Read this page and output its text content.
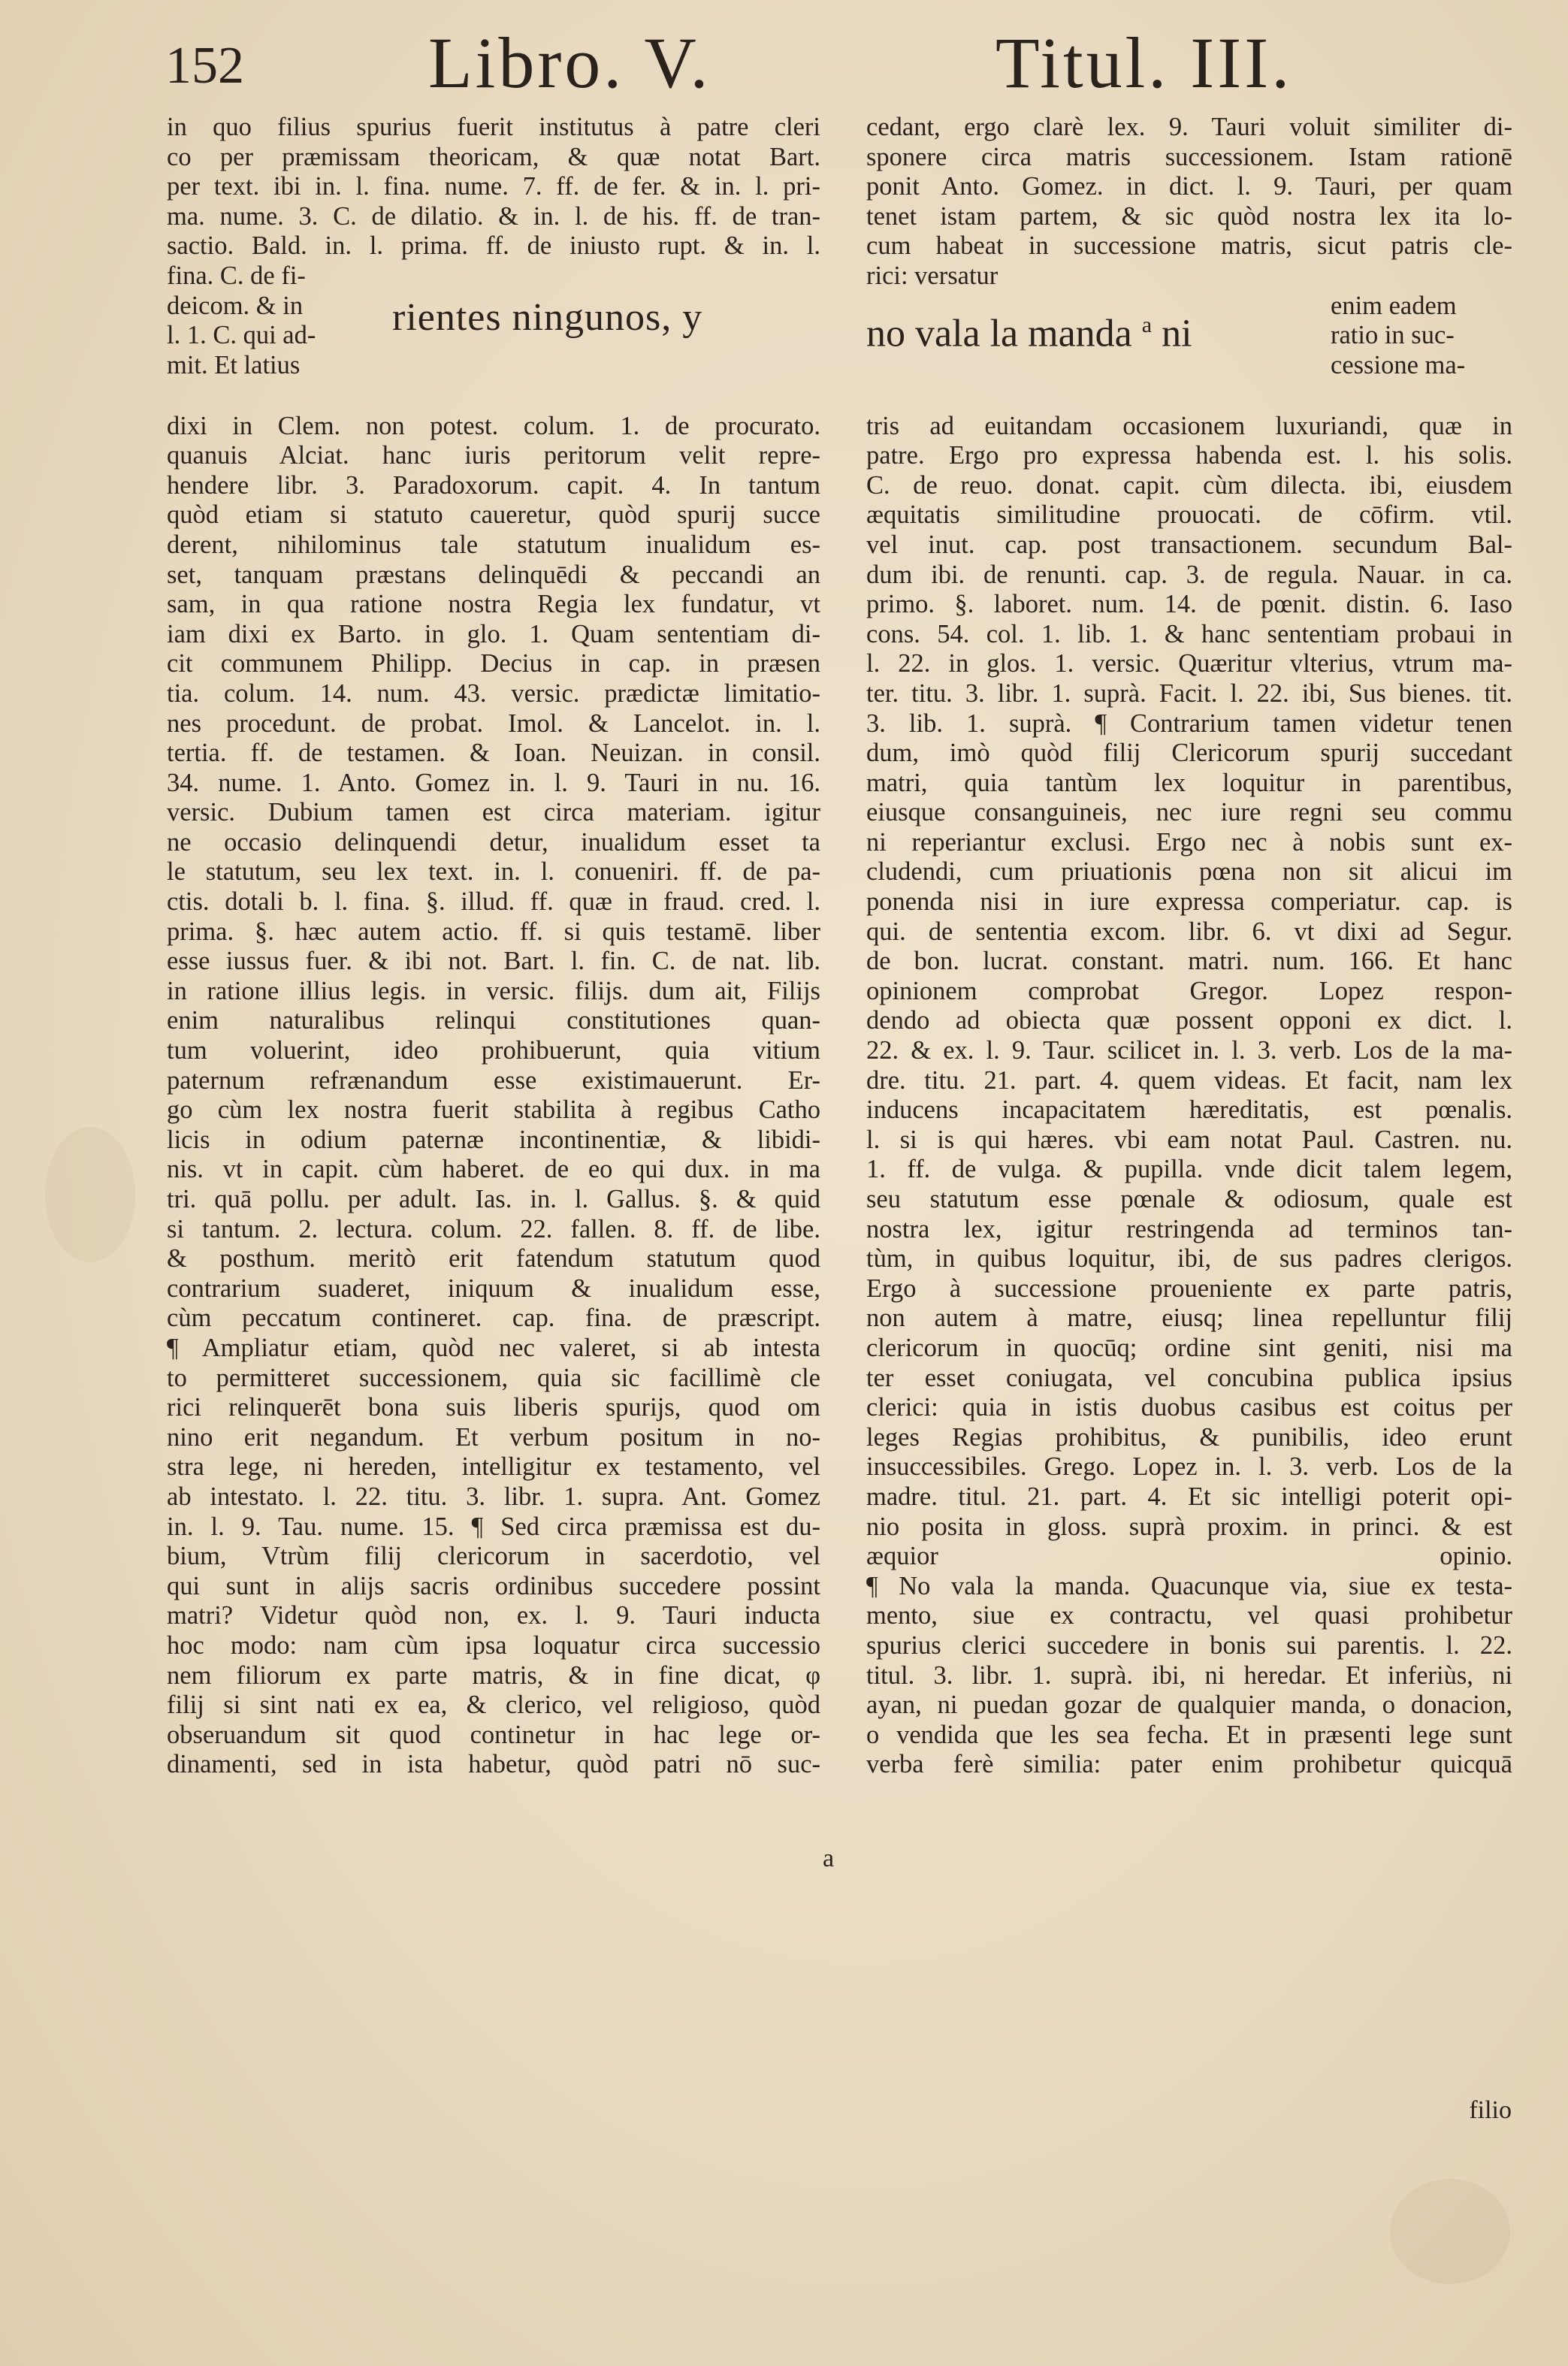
152	Libro. V.	Titul. III.
in quo filius spurius fuerit institutus à patre cleri
co per præmissam theoricam, & quæ notat Bart.
per text. ibi in. l. fina. nume. 7. ff. de fer. & in. l. pri-
ma. nume. 3. C. de dilatio. & in. l. de his. ff. de tran-
sactio. Bald. in. l. prima. ff. de iniusto rupt. & in. l.
fina. C. de fi-
deicom. & in
l. 1. C. qui ad-
mit. Et latius
rientes ningunos, y
dixi in Clem. non potest. colum. 1. de procurato.
quanuis Alciat. hanc iuris peritorum velit repre-
hendere libr. 3. Paradoxorum. capit. 4. In tantum
quòd etiam si statuto caueretur, quòd spurij succe
derent, nihilominus tale statutum inualidum es-
set, tanquam præstans delinquēdi & peccandi an
sam, in qua ratione nostra Regia lex fundatur, vt
iam dixi ex Barto. in glo. 1. Quam sententiam di-
cit communem Philipp. Decius in cap. in præsen
tia. colum. 14. num. 43. versic. prædictæ limitatio-
nes procedunt. de probat. Imol. & Lancelot. in. l.
tertia. ff. de testamen. & Ioan. Neuizan. in consil.
34. nume. 1. Anto. Gomez in. l. 9. Tauri in nu. 16.
versic. Dubium tamen est circa materiam. igitur
ne occasio delinquendi detur, inualidum esset ta
le statutum, seu lex text. in. l. conueniri. ff. de pa-
ctis. dotali b. l. fina. §. illud. ff. quæ in fraud. cred. l.
prima. §. hæc autem actio. ff. si quis testamē. liber
esse iussus fuer. & ibi not. Bart. l. fin. C. de nat. lib.
in ratione illius legis. in versic. filijs. dum ait, Filijs
enim naturalibus relinqui constitutiones quan-
tum voluerint, ideo prohibuerunt, quia vitium
paternum refrænandum esse existimauerunt. Er-
go cùm lex nostra fuerit stabilita à regibus Catho
licis in odium paternæ incontinentiæ, & libidi-
nis. vt in capit. cùm haberet. de eo qui dux. in ma
tri. quā pollu. per adult. Ias. in. l. Gallus. §. & quid
si tantum. 2. lectura. colum. 22. fallen. 8. ff. de libe.
& posthum. meritò erit fatendum statutum quod
contrarium suaderet, iniquum & inualidum esse,
cùm peccatum contineret. cap. fina. de præscript.
¶ Ampliatur etiam, quòd nec valeret, si ab intesta
to permitteret successionem, quia sic facillimè cle
rici relinquerēt bona suis liberis spurijs, quod om
nino erit negandum. Et verbum positum in no-
stra lege, ni hereden, intelligitur ex testamento, vel
ab intestato. l. 22. titu. 3. libr. 1. supra. Ant. Gomez
in. l. 9. Tau. nume. 15. ¶ Sed circa præmissa est du-
bium, Vtrùm filij clericorum in sacerdotio, vel
qui sunt in alijs sacris ordinibus succedere possint
matri? Videtur quòd non, ex. l. 9. Tauri inducta
hoc modo: nam cùm ipsa loquatur circa successio
nem filiorum ex parte matris, & in fine dicat, φ
filij si sint nati ex ea, & clerico, vel religioso, quòd
obseruandum sit quod continetur in hac lege or-
dinamenti, sed in ista habetur, quòd patri nō suc-
cedant, ergo clarè lex. 9. Tauri voluit similiter di-
sponere circa matris successionem. Istam rationē
ponit Anto. Gomez. in dict. l. 9. Tauri, per quam
tenet istam partem, & sic quòd nostra lex ita lo-
cum habeat in successione matris, sicut patris cle-
rici: versatur
no vala la manda $^a$ ni
enim eadem
ratio in suc-
cessione ma-
tris ad euitandam occasionem luxuriandi, quæ in
patre. Ergo pro expressa habenda est. l. his solis.
C. de reuo. donat. capit. cùm dilecta. ibi, eiusdem
æquitatis similitudine prouocati. de cōfirm. vtil.
vel inut. cap. post transactionem. secundum Bal-
dum ibi. de renunti. cap. 3. de regula. Nauar. in ca.
primo. §. laboret. num. 14. de pœnit. distin. 6. Iaso
cons. 54. col. 1. lib. 1. & hanc sententiam probaui in
l. 22. in glos. 1. versic. Quæritur vlterius, vtrum ma-
ter. titu. 3. libr. 1. suprà. Facit. l. 22. ibi, Sus bienes. tit.
3. lib. 1. suprà. ¶ Contrarium tamen videtur tenen
dum, imò quòd filij Clericorum spurij succedant
matri, quia tantùm lex loquitur in parentibus,
eiusque consanguineis, nec iure regni seu commu
ni reperiantur exclusi. Ergo nec à nobis sunt ex-
cludendi, cum priuationis pœna non sit alicui im
ponenda nisi in iure expressa comperiatur. cap. is
qui. de sententia excom. libr. 6. vt dixi ad Segur.
de bon. lucrat. constant. matri. num. 166. Et hanc
opinionem comprobat Gregor. Lopez respon-
dendo ad obiecta quæ possent opponi ex dict. l.
22. & ex. l. 9. Taur. scilicet in. l. 3. verb. Los de la ma-
dre. titu. 21. part. 4. quem videas. Et facit, nam lex
inducens incapacitatem hæreditatis, est pœnalis.
l. si is qui hæres. vbi eam notat Paul. Castren. nu.
1. ff. de vulga. & pupilla. vnde dicit talem legem,
seu statutum esse pœnale & odiosum, quale est
nostra lex, igitur restringenda ad terminos tan-
tùm, in quibus loquitur, ibi, de sus padres clerigos.
Ergo à successione proueniente ex parte patris,
non autem à matre, eiusq; linea repelluntur filij
clericorum in quocūq; ordine sint geniti, nisi ma
ter esset coniugata, vel concubina publica ipsius
clerici: quia in istis duobus casibus est coitus per
leges Regias prohibitus, & punibilis, ideo erunt
insuccessibiles. Grego. Lopez in. l. 3. verb. Los de la
madre. titul. 21. part. 4. Et sic intelligi poterit opi-
nio posita in gloss. suprà proxim. in princi. & est
æquior opinio.
¶ No vala la manda. Quacunque via, siue ex testa-
mento, siue ex contractu, vel quasi prohibetur
spurius clerici succedere in bonis sui parentis. l. 22.
titul. 3. libr. 1. suprà. ibi, ni heredar. Et inferiùs, ni
ayan, ni puedan gozar de qualquier manda, o donacion,
o vendida que les sea fecha. Et in præsenti lege sunt
verba ferè similia: pater enim prohibetur quicquā
a
filio
